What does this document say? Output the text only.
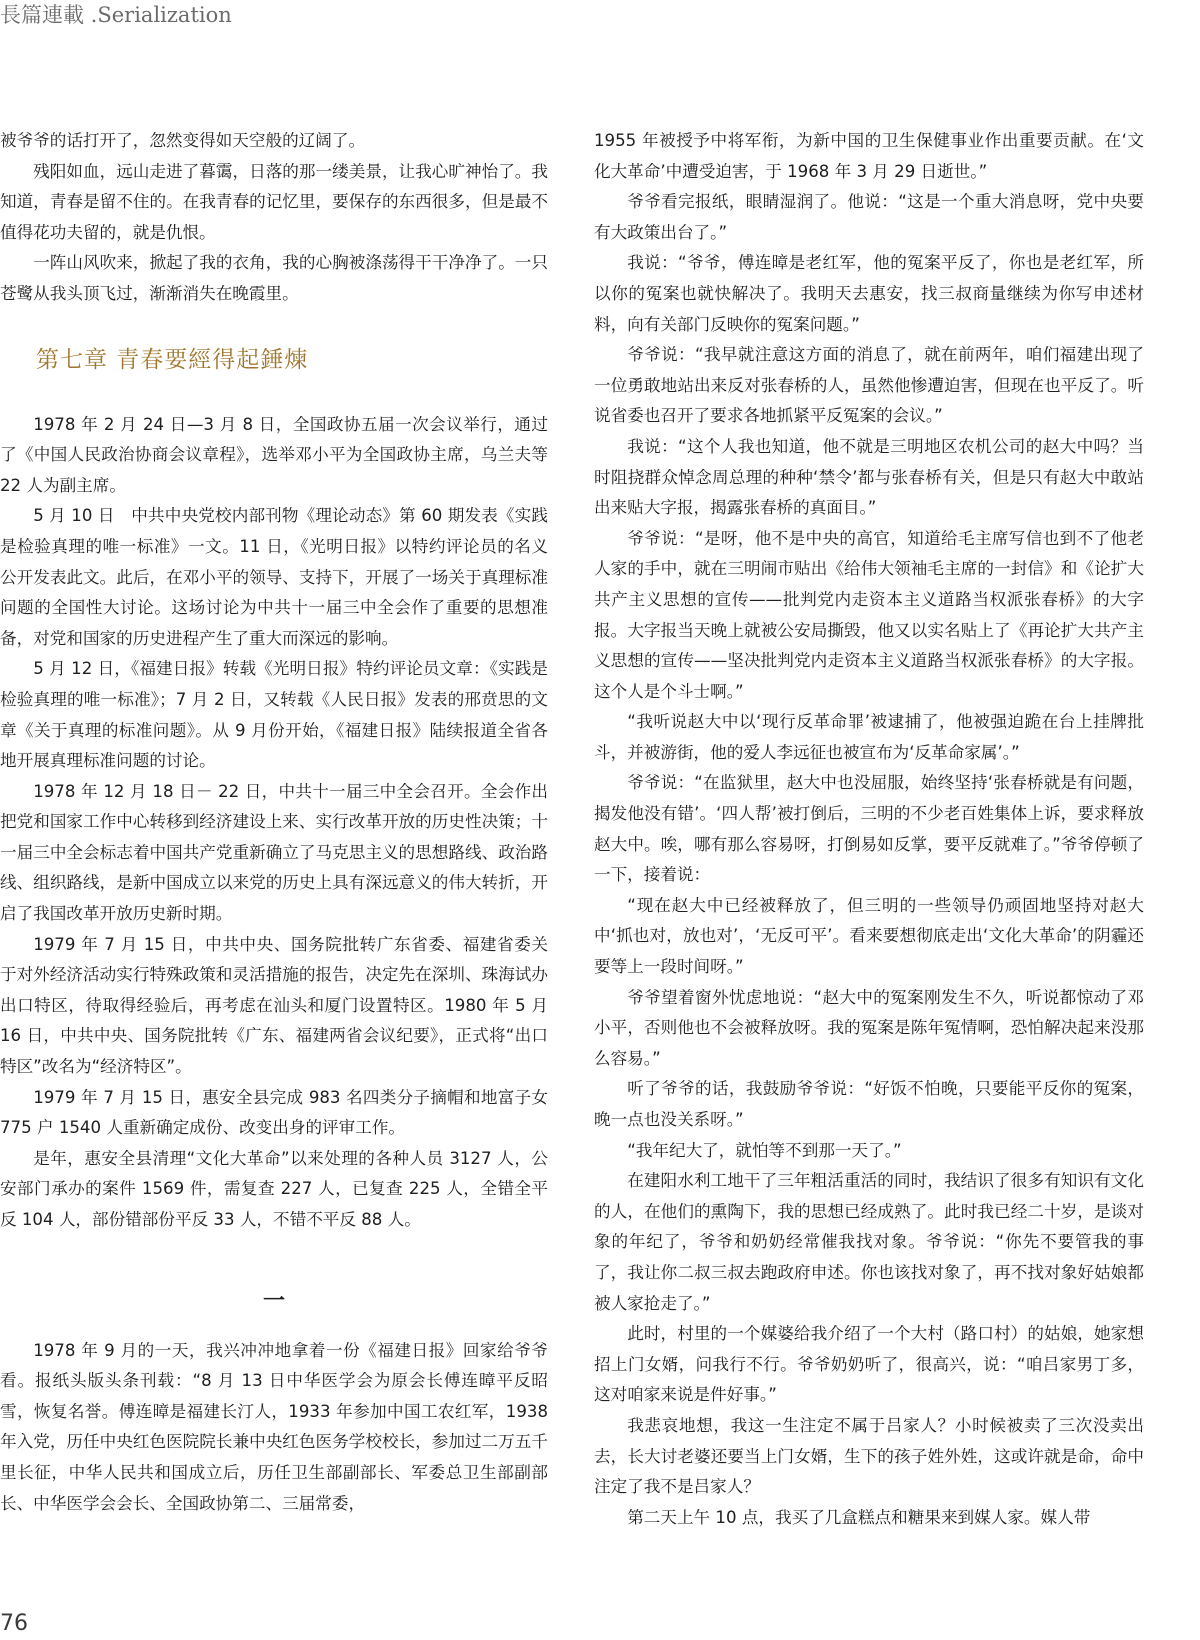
長篇連載 .Serialization

被爷爷的话打开了，忽然变得如天空般的辽阔了。

残阳如血，远山走进了暮霭，日落的那一缕美景，让我心旷神怡了。我知道，青春是留不住的。在我青春的记忆里，要保存的东西很多，但是最不值得花功夫留的，就是仇恨。

一阵山风吹来，掀起了我的衣角，我的心胸被涤荡得干干净净了。一只苍鹭从我头顶飞过，渐渐消失在晚霞里。

第七章 青春要經得起錘煉

1978 年 2 月 24 日—3 月 8 日，全国政协五届一次会议举行，通过了《中国人民政治协商会议章程》，选举邓小平为全国政协主席，乌兰夫等 22 人为副主席。

5 月 10 日　中共中央党校内部刊物《理论动态》第 60 期发表《实践是检验真理的唯一标准》一文。11 日，《光明日报》以特约评论员的名义公开发表此文。此后，在邓小平的领导、支持下，开展了一场关于真理标准问题的全国性大讨论。这场讨论为中共十一届三中全会作了重要的思想准备，对党和国家的历史进程产生了重大而深远的影响。

5 月 12 日，《福建日报》转载《光明日报》特约评论员文章：《实践是检验真理的唯一标准》；7 月 2 日，又转载《人民日报》发表的邢贲思的文章《关于真理的标准问题》。从 9 月份开始，《福建日报》陆续报道全省各地开展真理标准问题的讨论。

1978 年 12 月 18 日－ 22 日，中共十一届三中全会召开。全会作出把党和国家工作中心转移到经济建设上来、实行改革开放的历史性决策；十一届三中全会标志着中国共产党重新确立了马克思主义的思想路线、政治路线、组织路线，是新中国成立以来党的历史上具有深远意义的伟大转折，开启了我国改革开放历史新时期。

1979 年 7 月 15 日，中共中央、国务院批转广东省委、福建省委关于对外经济活动实行特殊政策和灵活措施的报告，决定先在深圳、珠海试办出口特区，待取得经验后，再考虑在汕头和厦门设置特区。1980 年 5 月 16 日，中共中央、国务院批转《广东、福建两省会议纪要》，正式将“出口特区”改名为“经济特区”。

1979 年 7 月 15 日，惠安全县完成 983 名四类分子摘帽和地富子女 775 户 1540 人重新确定成份、改变出身的评审工作。

是年，惠安全县清理“文化大革命”以来处理的各种人员 3127 人，公安部门承办的案件 1569 件，需复查 227 人，已复查 225 人，全错全平反 104 人，部份错部份平反 33 人，不错不平反 88 人。

一

1978 年 9 月的一天，我兴冲冲地拿着一份《福建日报》回家给爷爷看。报纸头版头条刊载：“8 月 13 日中华医学会为原会长傅连暲平反昭雪，恢复名誉。傅连暲是福建长汀人，1933 年参加中国工农红军，1938 年入党，历任中央红色医院院长兼中央红色医务学校校长，参加过二万五千里长征，中华人民共和国成立后，历任卫生部副部长、军委总卫生部副部长、中华医学会会长、全国政协第二、三届常委，

1955 年被授予中将军衔，为新中国的卫生保健事业作出重要贡献。在‘文化大革命’中遭受迫害，于 1968 年 3 月 29 日逝世。”

爷爷看完报纸，眼睛湿润了。他说：“这是一个重大消息呀，党中央要有大政策出台了。”

我说：“爷爷，傅连暲是老红军，他的冤案平反了，你也是老红军，所以你的冤案也就快解决了。我明天去惠安，找三叔商量继续为你写申述材料，向有关部门反映你的冤案问题。”

爷爷说：“我早就注意这方面的消息了，就在前两年，咱们福建出现了一位勇敢地站出来反对张春桥的人，虽然他惨遭迫害，但现在也平反了。听说省委也召开了要求各地抓紧平反冤案的会议。”

我说：“这个人我也知道，他不就是三明地区农机公司的赵大中吗？当时阻挠群众悼念周总理的种种‘禁令’都与张春桥有关，但是只有赵大中敢站出来贴大字报，揭露张春桥的真面目。”

爷爷说：“是呀，他不是中央的高官，知道给毛主席写信也到不了他老人家的手中，就在三明闹市贴出《给伟大领袖毛主席的一封信》和《论扩大共产主义思想的宣传——批判党内走资本主义道路当权派张春桥》的大字报。大字报当天晚上就被公安局撕毁，他又以实名贴上了《再论扩大共产主义思想的宣传——坚决批判党内走资本主义道路当权派张春桥》的大字报。这个人是个斗士啊。”

“我听说赵大中以‘现行反革命罪’被逮捕了，他被强迫跪在台上挂牌批斗，并被游街，他的爱人李远征也被宣布为‘反革命家属’。”

爷爷说：“在监狱里，赵大中也没屈服，始终坚持‘张春桥就是有问题，揭发他没有错’。‘四人帮’被打倒后，三明的不少老百姓集体上诉，要求释放赵大中。唉，哪有那么容易呀，打倒易如反掌，要平反就难了。”爷爷停顿了一下，接着说：

“现在赵大中已经被释放了，但三明的一些领导仍顽固地坚持对赵大中‘抓也对，放也对’，‘无反可平’。看来要想彻底走出‘文化大革命’的阴霾还要等上一段时间呀。”

爷爷望着窗外忧虑地说：“赵大中的冤案刚发生不久，听说都惊动了邓小平，否则他也不会被释放呀。我的冤案是陈年冤情啊，恐怕解决起来没那么容易。”

听了爷爷的话，我鼓励爷爷说：“好饭不怕晚，只要能平反你的冤案，晚一点也没关系呀。”

“我年纪大了，就怕等不到那一天了。”

在建阳水利工地干了三年粗活重活的同时，我结识了很多有知识有文化的人，在他们的熏陶下，我的思想已经成熟了。此时我已经二十岁，是谈对象的年纪了，爷爷和奶奶经常催我找对象。爷爷说：“你先不要管我的事了，我让你二叔三叔去跑政府申述。你也该找对象了，再不找对象好姑娘都被人家抢走了。”

此时，村里的一个媒婆给我介绍了一个大村（路口村）的姑娘，她家想招上门女婿，问我行不行。爷爷奶奶听了，很高兴，说：“咱吕家男丁多，这对咱家来说是件好事。”

我悲哀地想，我这一生注定不属于吕家人？小时候被卖了三次没卖出去，长大讨老婆还要当上门女婿，生下的孩子姓外姓，这或许就是命，命中注定了我不是吕家人？

第二天上午 10 点，我买了几盒糕点和糖果来到媒人家。媒人带

76
